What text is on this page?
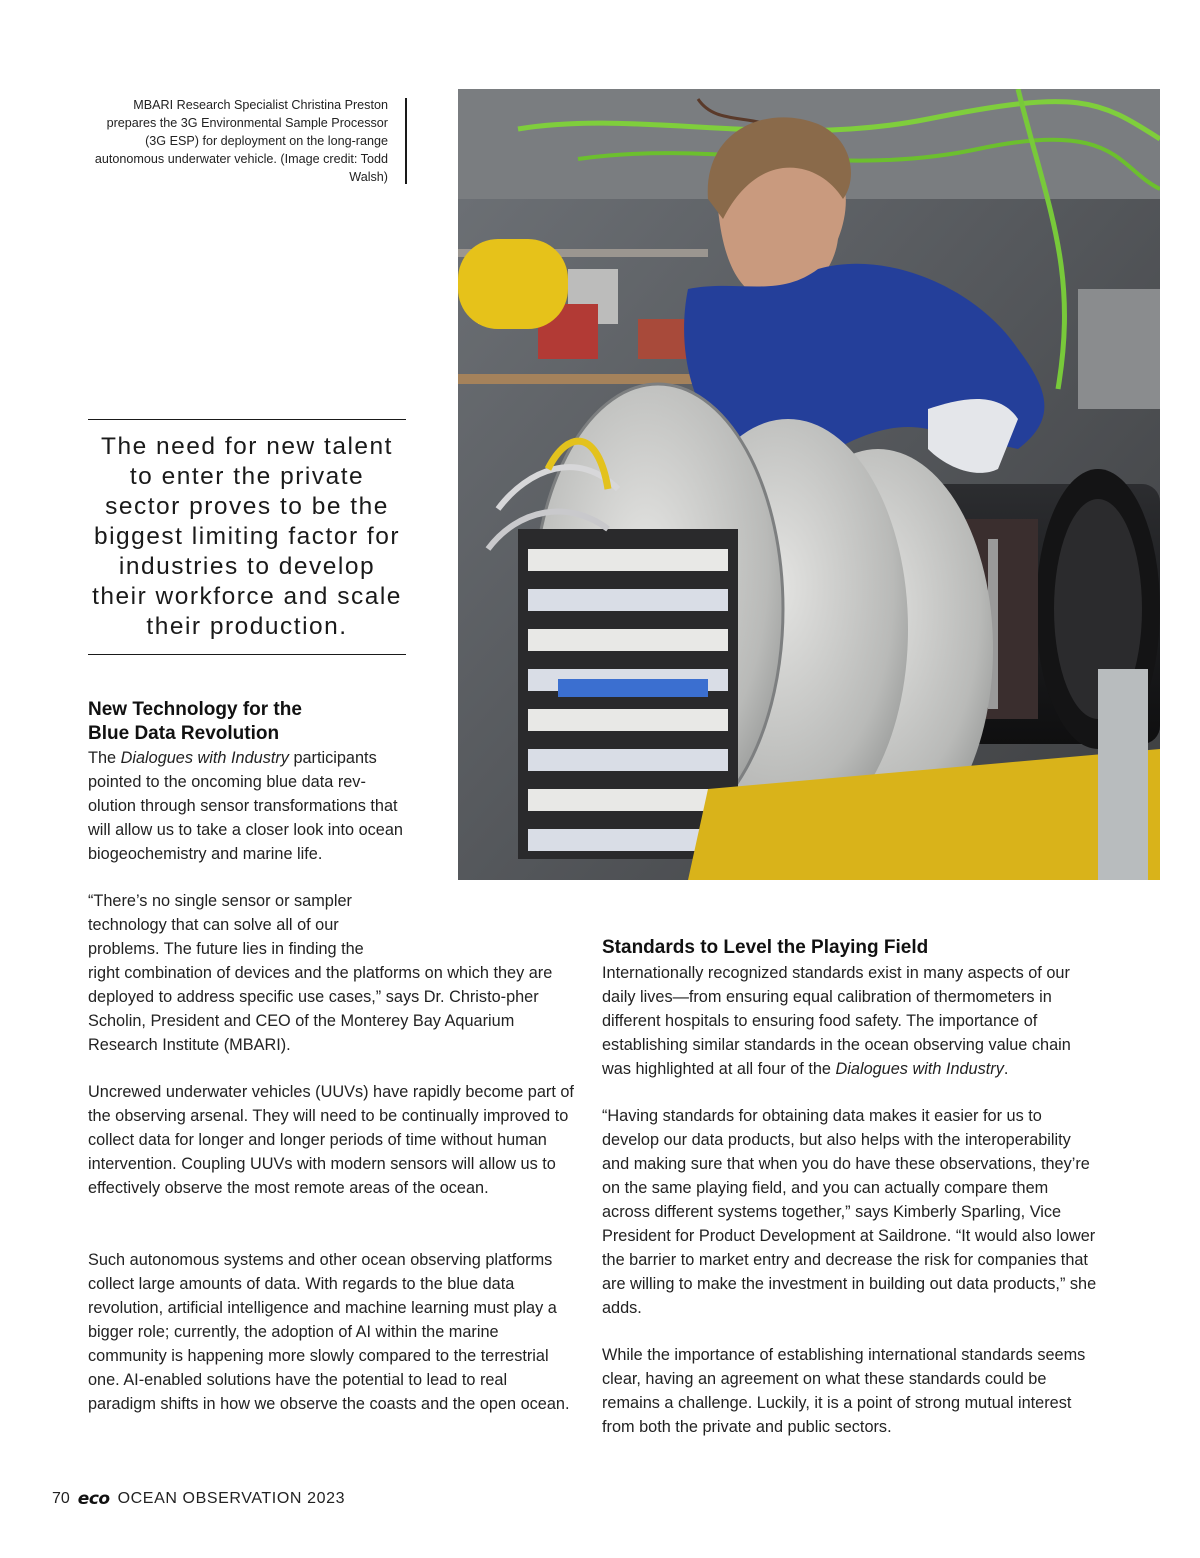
MBARI Research Specialist Christina Preston prepares the 3G Environmental Sample Processor (3G ESP) for deployment on the long-range autonomous underwater vehicle. (Image credit: Todd Walsh)
The need for new talent to enter the private sector proves to be the biggest limiting factor for industries to develop their workforce and scale their production.
New Technology for the Blue Data Revolution

The Dialogues with Industry participants pointed to the oncoming blue data rev-olution through sensor transformations that will allow us to take a closer look into ocean biogeochemistry and marine life.

“There’s no single sensor or sampler technology that can solve all of our problems. The future lies in finding the

right combination of devices and the platforms on which they are deployed to address specific use cases,” says Dr. Christo-pher Scholin, President and CEO of the Monterey Bay Aquarium Research Institute (MBARI).

Uncrewed underwater vehicles (UUVs) have rapidly become part of the observing arsenal. They will need to be continually improved to collect data for longer and longer periods of time without human intervention. Coupling UUVs with modern sensors will allow us to effectively observe the most remote areas of the ocean.

Such autonomous systems and other ocean observing platforms collect large amounts of data. With regards to the blue data revolution, artificial intelligence and machine learning must play a bigger role; currently, the adoption of AI within the marine community is happening more slowly compared to the terrestrial one. AI-enabled solutions have the potential to lead to real paradigm shifts in how we observe the coasts and the open ocean.

Standards to Level the Playing Field

Internationally recognized standards exist in many aspects of our daily lives—from ensuring equal calibration of thermometers in different hospitals to ensuring food safety. The importance of establishing similar standards in the ocean observing value chain was highlighted at all four of the Dialogues with Industry.

“Having standards for obtaining data makes it easier for us to develop our data products, but also helps with the interoperability and making sure that when you do have these observations, they’re on the same playing field, and you can actually compare them across different systems together,” says Kimberly Sparling, Vice President for Product Development at Saildrone. “It would also lower the barrier to market entry and decrease the risk for companies that are willing to make the investment in building out data products,” she adds.

While the importance of establishing international standards seems clear, having an agreement on what these standards could be remains a challenge. Luckily, it is a point of strong mutual interest from both the private and public sectors.

70 eco OCEAN OBSERVATION 2023
